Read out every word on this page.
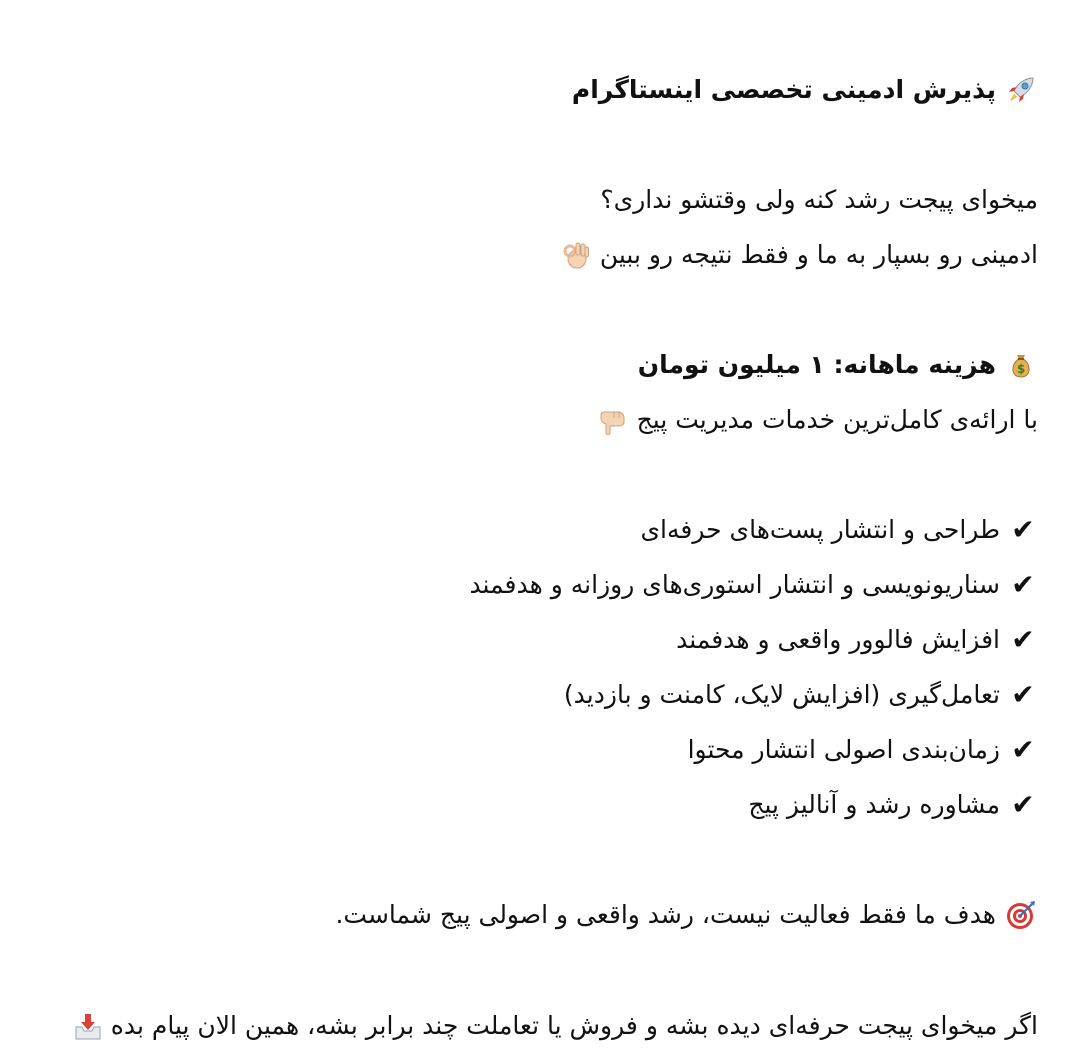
پذیرش ادمینی تخصصی اینستاگرام
میخوای پیجت رشد کنه ولی وقتشو نداری؟
ادمینی رو بسپار به ما و فقط نتیجه رو ببین
$
هزینه ماهانه: ۱ میلیون تومان
با ارائه‌ی کامل‌ترین خدمات مدیریت پیج
✔
طراحی و انتشار پست‌های حرفه‌ای
✔
سناریونویسی و انتشار استوری‌های روزانه و هدفمند
✔
افزایش فالوور واقعی و هدفمند
✔
تعامل‌گیری (افزایش لایک، کامنت و بازدید)
✔
زمان‌بندی اصولی انتشار محتوا
✔
مشاوره رشد و آنالیز پیج
هدف ما فقط فعالیت نیست، رشد واقعی و اصولی پیج شماست.
اگر میخوای پیجت حرفه‌ای دیده بشه و فروش یا تعاملت چند برابر بشه، همین الان پیام بده
